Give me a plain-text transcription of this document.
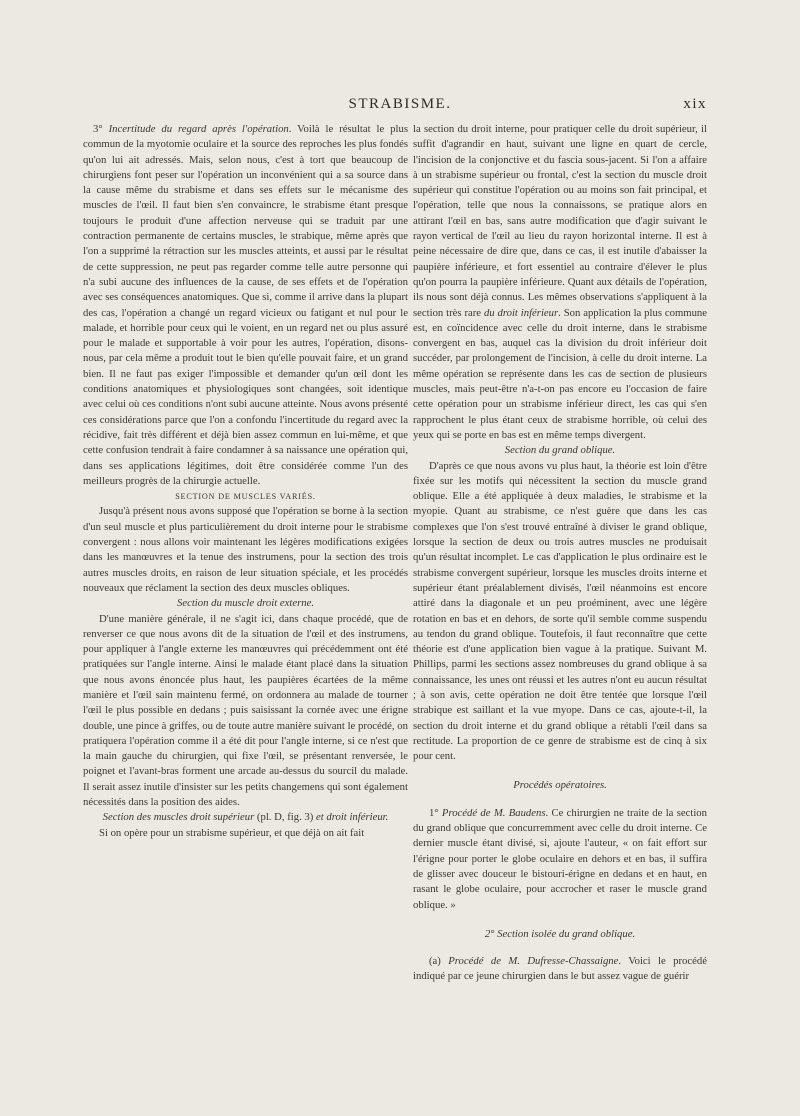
STRABISME.	xix

3° Incertitude du regard après l'opération. Voilà le résultat le plus commun de la myotomie oculaire et la source des reproches les plus fondés qu'on lui ait adressés. Mais, selon nous, c'est à tort que beaucoup de chirurgiens font peser sur l'opération un inconvénient qui a sa source dans la cause même du strabisme et dans ses effets sur le mécanisme des muscles de l'œil. Il faut bien s'en convaincre, le strabisme étant presque toujours le produit d'une affection nerveuse qui se traduit par une contraction permanente de certains muscles, le strabique, même après que l'on a supprimé la rétraction sur les muscles atteints, et aussi par le résultat de cette suppression, ne peut pas regarder comme telle autre personne qui n'a subi aucune des influences de la cause, de ses effets et de l'opération avec ses conséquences anatomiques. Que si, comme il arrive dans la plupart des cas, l'opération a changé un regard vicieux ou fatigant et nul pour le malade, et horrible pour ceux qui le voient, en un regard net ou plus assuré pour le malade et supportable à voir pour les autres, l'opération, disons-nous, par cela même a produit tout le bien qu'elle pouvait faire, et un grand bien. Il ne faut pas exiger l'impossible et demander qu'un œil dont les conditions anatomiques et physiologiques sont changées, soit identique avec celui où ces conditions n'ont subi aucune atteinte. Nous avons présenté ces considérations parce que l'on a confondu l'incertitude du regard avec la récidive, fait très différent et déjà bien assez commun en lui-même, et que cette confusion tendrait à faire condamner à sa naissance une opération qui, dans ses applications légitimes, doit être considérée comme l'un des meilleurs progrès de la chirurgie actuelle.

SECTION DE MUSCLES VARIÉS.

Jusqu'à présent nous avons supposé que l'opération se borne à la section d'un seul muscle et plus particulièrement du droit interne pour le strabisme convergent : nous allons voir maintenant les légères modifications exigées dans les manœuvres et la tenue des instrumens, pour la section des trois autres muscles droits, en raison de leur situation spéciale, et les procédés nouveaux que réclament la section des deux muscles obliques.

Section du muscle droit externe.

D'une manière générale, il ne s'agit ici, dans chaque procédé, que de renverser ce que nous avons dit de la situation de l'œil et des instrumens, pour appliquer à l'angle externe les manœuvres qui précédemment ont été pratiquées sur l'angle interne. Ainsi le malade étant placé dans la situation que nous avons énoncée plus haut, les paupières écartées de la même manière et l'œil sain maintenu fermé, on ordonnera au malade de tourner l'œil le plus possible en dedans ; puis saisissant la cornée avec une érigne double, une pince à griffes, ou de toute autre manière suivant le procédé, on pratiquera l'opération comme il a été dit pour l'angle interne, si ce n'est que la main gauche du chirurgien, qui fixe l'œil, se présentant renversée, le poignet et l'avant-bras forment une arcade au-dessus du sourcil du malade. Il serait assez inutile d'insister sur les petits changemens qui sont également nécessités dans la position des aides.

Section des muscles droit supérieur (pl. D, fig. 3) et droit inférieur.

Si on opère pour un strabisme supérieur, et que déjà on ait fait

la section du droit interne, pour pratiquer celle du droit supérieur, il suffit d'agrandir en haut, suivant une ligne en quart de cercle, l'incision de la conjonctive et du fascia sous-jacent. Si l'on a affaire à un strabisme supérieur ou frontal, c'est la section du muscle droit supérieur qui constitue l'opération ou au moins son fait principal, et l'opération, telle que nous la connaissons, se pratique alors en attirant l'œil en bas, sans autre modification que d'agir suivant le rayon vertical de l'œil au lieu du rayon horizontal interne. Il est à peine nécessaire de dire que, dans ce cas, il est inutile d'abaisser la paupière inférieure, et fort essentiel au contraire d'élever le plus qu'on pourra la paupière inférieure. Quant aux détails de l'opération, ils nous sont déjà connus. Les mêmes observations s'appliquent à la section très rare du droit inférieur. Son application la plus commune est, en coïncidence avec celle du droit interne, dans le strabisme convergent en bas, auquel cas la division du droit inférieur doit succéder, par prolongement de l'incision, à celle du droit interne. La même opération se représente dans les cas de section de plusieurs muscles, mais peut-être n'a-t-on pas encore eu l'occasion de faire cette opération pour un strabisme inférieur direct, les cas qui s'en rapprochent le plus étant ceux de strabisme horrible, où celui des yeux qui se porte en bas est en même temps divergent.

Section du grand oblique.

D'après ce que nous avons vu plus haut, la théorie est loin d'être fixée sur les motifs qui nécessitent la section du muscle grand oblique. Elle a été appliquée à deux maladies, le strabisme et la myopie. Quant au strabisme, ce n'est guère que dans les cas complexes que l'on s'est trouvé entraîné à diviser le grand oblique, lorsque la section de deux ou trois autres muscles ne produisait qu'un résultat incomplet. Le cas d'application le plus ordinaire est le strabisme convergent supérieur, lorsque les muscles droits interne et supérieur étant préalablement divisés, l'œil néanmoins est encore attiré dans la diagonale et un peu proéminent, avec une légère rotation en bas et en dehors, de sorte qu'il semble comme suspendu au tendon du grand oblique. Toutefois, il faut reconnaître que cette théorie est d'une application bien vague à la pratique. Suivant M. Phillips, parmi les sections assez nombreuses du grand oblique à sa connaissance, les unes ont réussi et les autres n'ont eu aucun résultat ; à son avis, cette opération ne doit être tentée que lorsque l'œil strabique est saillant et la vue myope. Dans ce cas, ajoute-t-il, la section du droit interne et du grand oblique a rétabli l'œil dans sa rectitude. La proportion de ce genre de strabisme est de cinq à six pour cent.

Procédés opératoires.

1° Procédé de M. Baudens. Ce chirurgien ne traite de la section du grand oblique que concurremment avec celle du droit interne. Ce dernier muscle étant divisé, si, ajoute l'auteur, « on fait effort sur l'érigne pour porter le globe oculaire en dehors et en bas, il suffira de glisser avec douceur le bistouri-érigne en dedans et en haut, en rasant le globe oculaire, pour accrocher et raser le muscle grand oblique. »

2° Section isolée du grand oblique.

(a) Procédé de M. Dufresse-Chassaigne. Voici le procédé indiqué par ce jeune chirurgien dans le but assez vague de guérir
